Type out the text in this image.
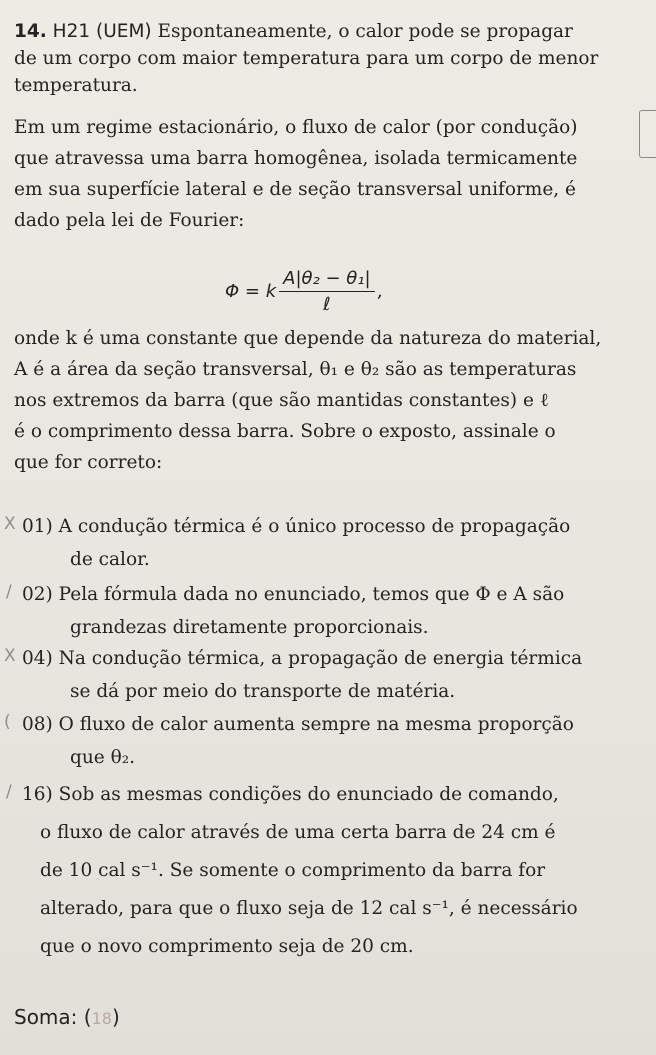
14. H21 (UEM) Espontaneamente, o calor pode se propagar
de um corpo com maior temperatura para um corpo de menor
temperatura.
Em um regime estacionário, o fluxo de calor (por condução)
que atravessa uma barra homogênea, isolada termicamente
em sua superfície lateral e de seção transversal uniforme, é
dado pela lei de Fourier:
Φ = k $\frac{\text{A|θ₂ − θ₁|}}{\text{ℓ}}$ ,
onde k é uma constante que depende da natureza do material,
A é a área da seção transversal, θ₁ e θ₂ são as temperaturas
nos extremos da barra (que são mantidas constantes) e ℓ
é o comprimento dessa barra. Sobre o exposto, assinale o
que for correto:
X 01) A condução térmica é o único processo de propagação
de calor.
/ 02) Pela fórmula dada no enunciado, temos que Φ e A são
grandezas diretamente proporcionais.
X 04) Na condução térmica, a propagação de energia térmica
se dá por meio do transporte de matéria.
( 08) O fluxo de calor aumenta sempre na mesma proporção
que θ₂.
/ 16) Sob as mesmas condições do enunciado de comando,
o fluxo de calor através de uma certa barra de 24 cm é
de 10 cal s⁻¹. Se somente o comprimento da barra for
alterado, para que o fluxo seja de 12 cal s⁻¹, é necessário
que o novo comprimento seja de 20 cm.
Soma: (18)
